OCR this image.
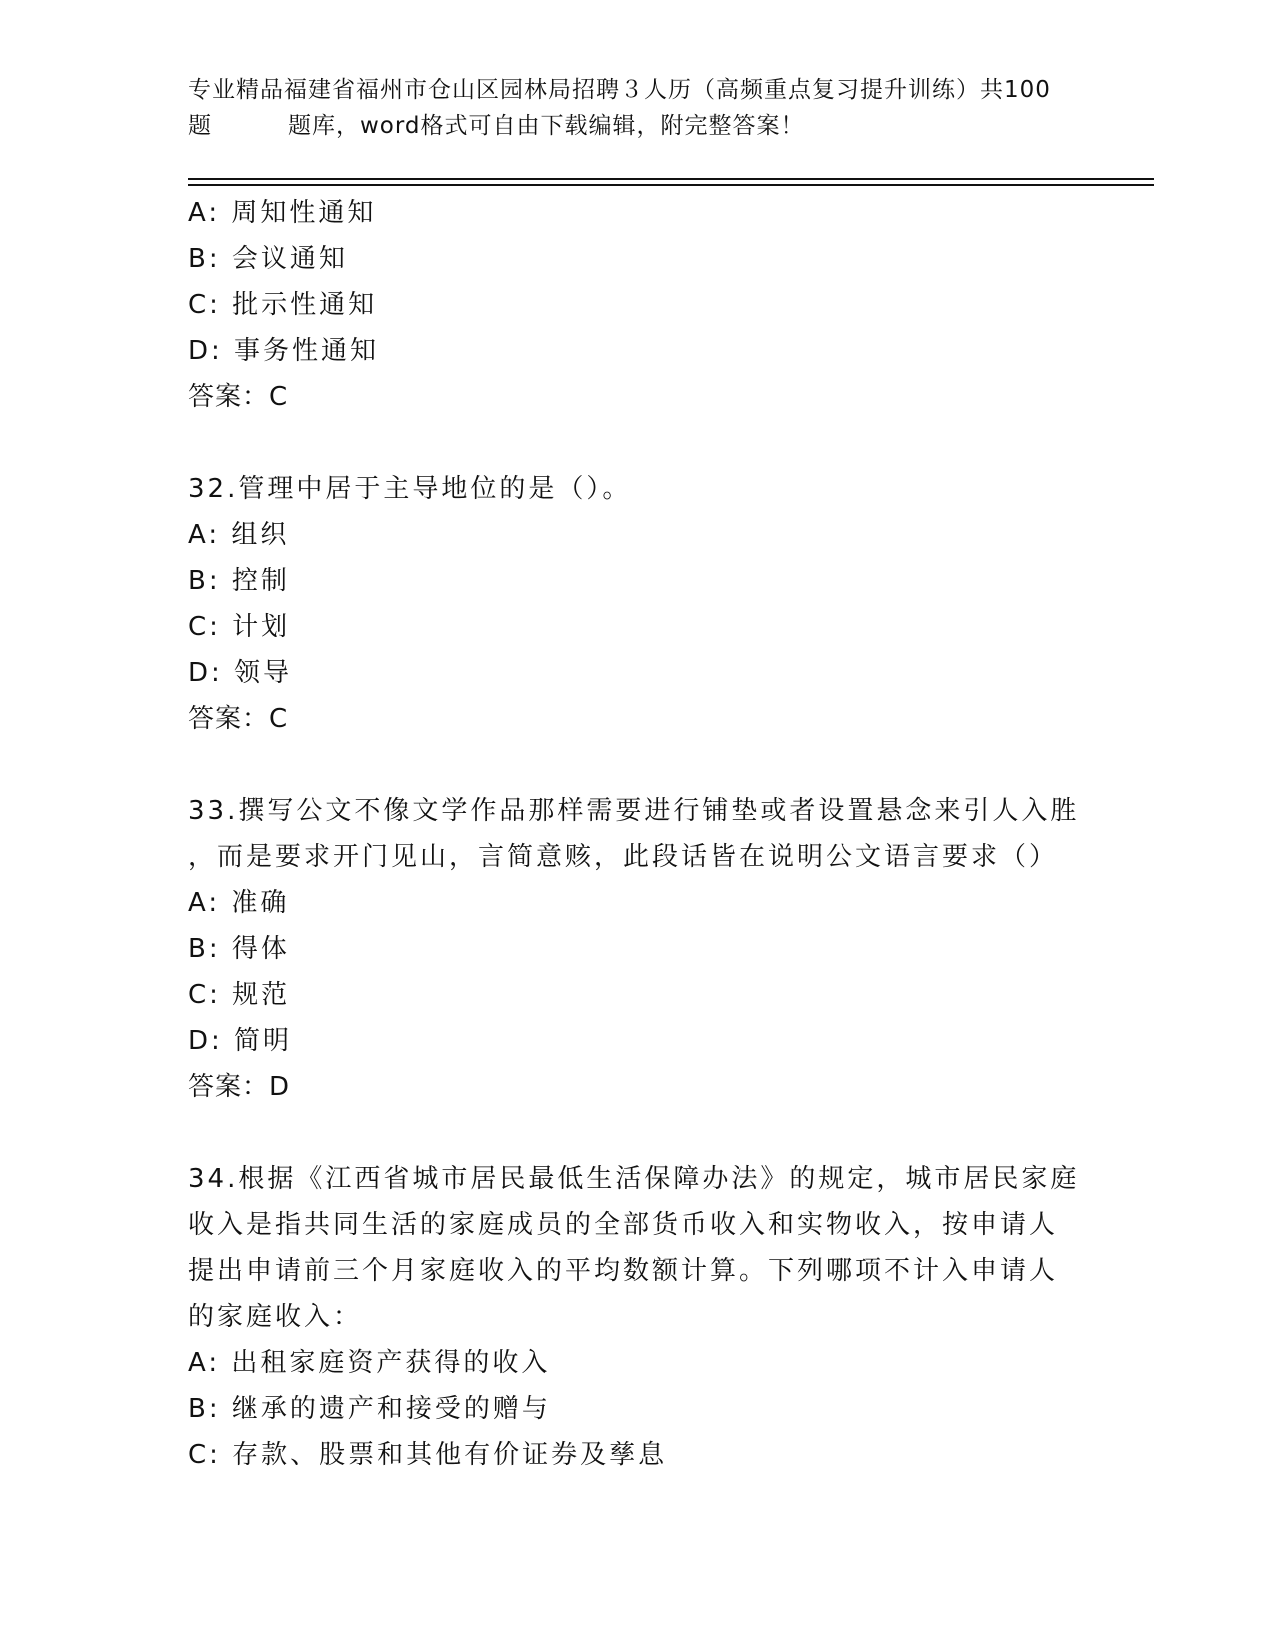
专业精品福建省福州市仓山区园林局招聘３人历（高频重点复习提升训练）共100
题	题库，word格式可自由下载编辑，附完整答案！
A: 周知性通知
B: 会议通知
C: 批示性通知
D: 事务性通知
答案：C
32.管理中居于主导地位的是（）。
A: 组织
B: 控制
C: 计划
D: 领导
答案：C
33.撰写公文不像文学作品那样需要进行铺垫或者设置悬念来引人入胜
，而是要求开门见山，言简意赅，此段话皆在说明公文语言要求（）
A: 准确
B: 得体
C: 规范
D: 简明
答案：D
34.根据《江西省城市居民最低生活保障办法》的规定，城市居民家庭
收入是指共同生活的家庭成员的全部货币收入和实物收入，按申请人
提出申请前三个月家庭收入的平均数额计算。下列哪项不计入申请人
的家庭收入：
A: 出租家庭资产获得的收入
B: 继承的遗产和接受的赠与
C: 存款、股票和其他有价证券及孳息
